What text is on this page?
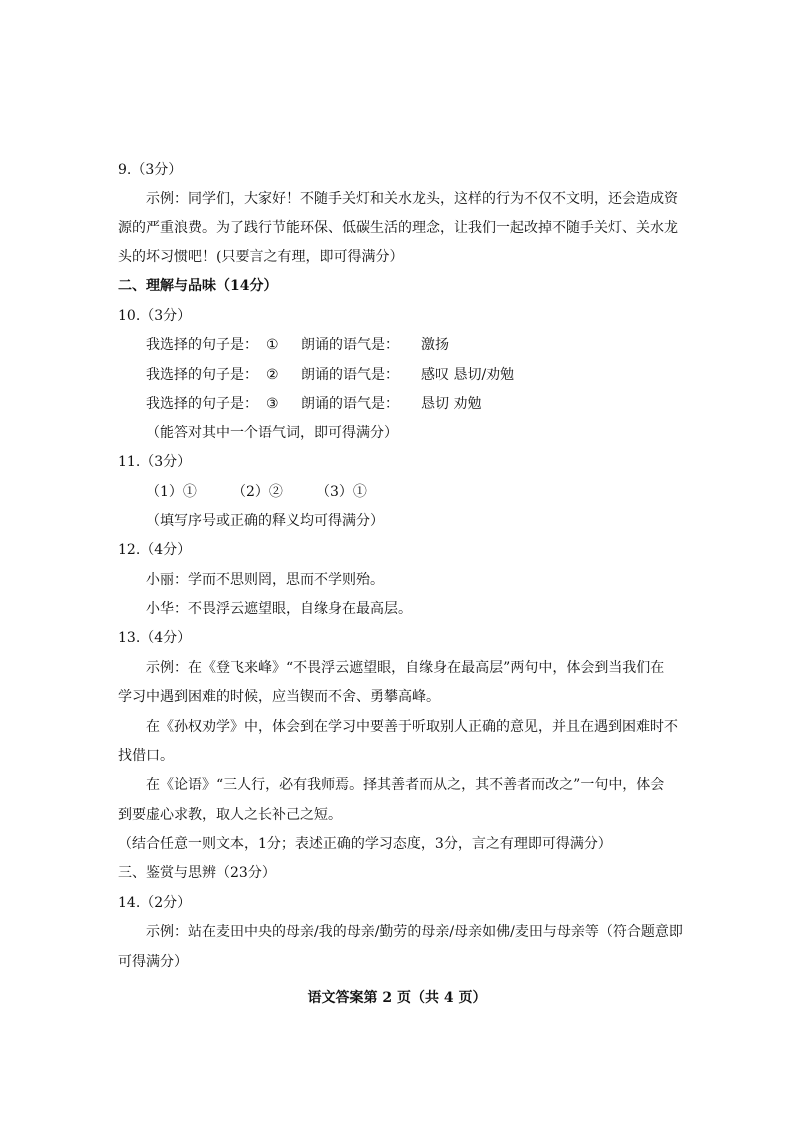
9.（3分）
示例：同学们，大家好！不随手关灯和关水龙头，这样的行为不仅不文明，还会造成资
源的严重浪费。为了践行节能环保、低碳生活的理念，让我们一起改掉不随手关灯、关水龙
头的坏习惯吧！(只要言之有理，即可得满分）
二、理解与品味（14分）
10.（3分）
我选择的句子是： ① 朗诵的语气是： 激扬
我选择的句子是： ② 朗诵的语气是： 感叹 恳切/劝勉
我选择的句子是： ③ 朗诵的语气是： 恳切 劝勉
（能答对其中一个语气词，即可得满分）
11.（3分）
（1）①	（2）② （3）①
（填写序号或正确的释义均可得满分）
12.（4分）
小丽：学而不思则罔，思而不学则殆。
小华：不畏浮云遮望眼，自缘身在最高层。
13.（4分）
示例：在《登飞来峰》“不畏浮云遮望眼，自缘身在最高层”两句中，体会到当我们在
学习中遇到困难的时候，应当锲而不舍、勇攀高峰。
在《孙权劝学》中，体会到在学习中要善于听取别人正确的意见，并且在遇到困难时不
找借口。
在《论语》“三人行，必有我师焉。择其善者而从之，其不善者而改之”一句中，体会
到要虚心求教，取人之长补己之短。
（结合任意一则文本，1分；表述正确的学习态度，3分，言之有理即可得满分）
三、鉴赏与思辨（23分）
14.（2分）
示例：站在麦田中央的母亲/我的母亲/勤劳的母亲/母亲如佛/麦田与母亲等（符合题意即
可得满分）
语文答案第 2 页（共 4 页）
